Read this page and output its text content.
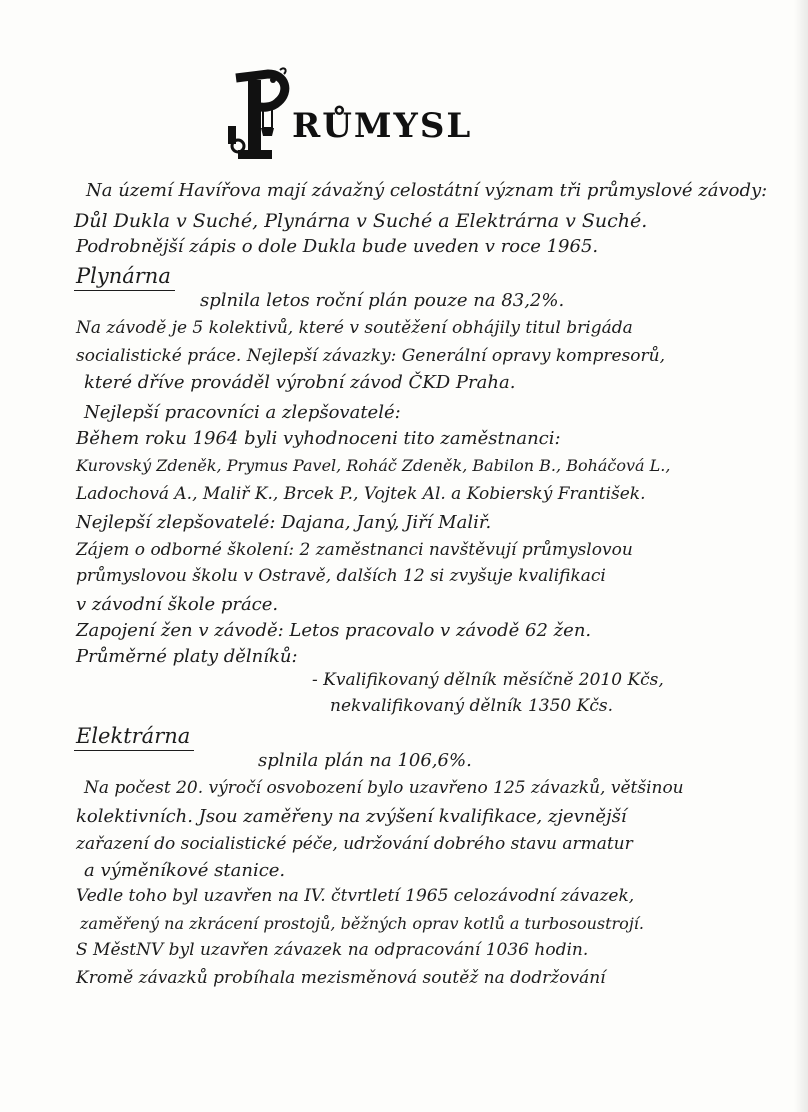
RŮMYSL
Na území Havířova mají závažný celostátní význam tři průmyslové závody:
Důl Dukla v Suché, Plynárna v Suché a Elektrárna v Suché.
Podrobnější zápis o dole Dukla bude uveden v roce 1965.
Plynárna
splnila letos roční plán pouze na 83,2%.
Na závodě je 5 kolektivů, které v soutěžení obhájily titul brigáda
socialistické práce. Nejlepší závazky: Generální opravy kompresorů,
které dříve prováděl výrobní závod ČKD Praha.
Nejlepší pracovníci a zlepšovatelé:
Během roku 1964 byli vyhodnoceni tito zaměstnanci:
Kurovský Zdeněk, Prymus Pavel, Roháč Zdeněk, Babilon B., Boháčová L.,
Ladochová A., Maliř K., Brcek P., Vojtek Al. a Kobierský František.
Nejlepší zlepšovatelé: Dajana, Janý, Jiří Maliř.
Zájem o odborné školení: 2 zaměstnanci navštěvují průmyslovou
průmyslovou školu v Ostravě, dalších 12 si zvyšuje kvalifikaci
v závodní škole práce.
Zapojení žen v závodě: Letos pracovalo v závodě 62 žen.
Průměrné platy dělníků:
- Kvalifikovaný dělník měsíčně 2010 Kčs,
nekvalifikovaný dělník 1350 Kčs.
Elektrárna
splnila plán na 106,6%.
Na počest 20. výročí osvobození bylo uzavřeno 125 závazků, většinou
kolektivních. Jsou zaměřeny na zvýšení kvalifikace, zjevnější
zařazení do socialistické péče, udržování dobrého stavu armatur
a výměníkové stanice.
Vedle toho byl uzavřen na IV. čtvrtletí 1965 celozávodní závazek,
zaměřený na zkrácení prostojů, běžných oprav kotlů a turbosoustrojí.
S MěstNV byl uzavřen závazek na odpracování 1036 hodin.
Kromě závazků probíhala mezisměnová soutěž na dodržování
